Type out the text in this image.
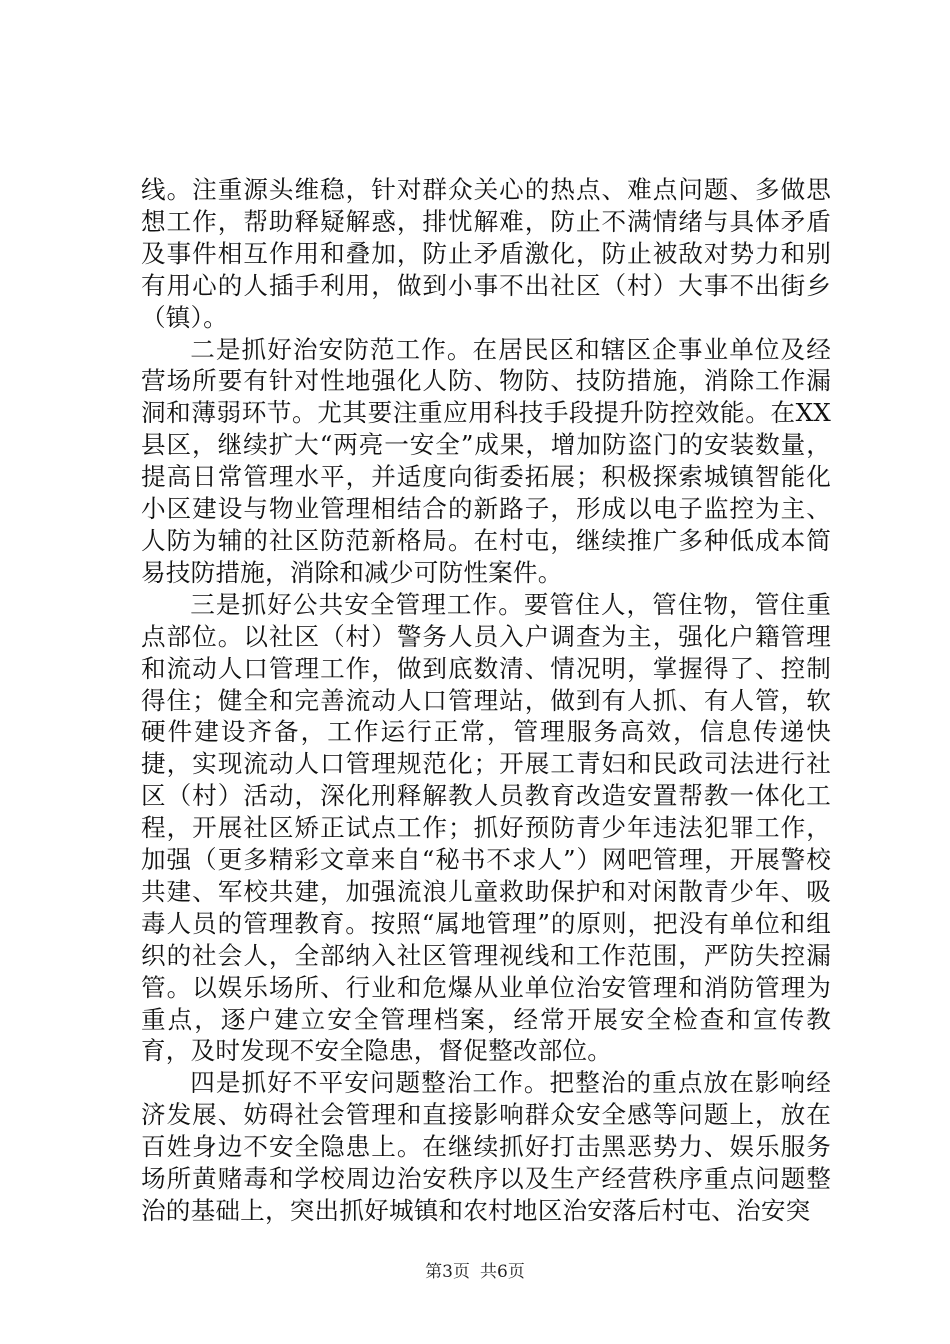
线。注重源头维稳，针对群众关心的热点、难点问题、多做思想工作，帮助释疑解惑，排忧解难，防止不满情绪与具体矛盾及事件相互作用和叠加，防止矛盾激化，防止被敌对势力和别有用心的人插手利用，做到小事不出社区（村）大事不出街乡（镇）。

二是抓好治安防范工作。在居民区和辖区企事业单位及经营场所要有针对性地强化人防、物防、技防措施，消除工作漏洞和薄弱环节。尤其要注重应用科技手段提升防控效能。在XX县区，继续扩大“两亮一安全”成果，增加防盗门的安装数量，提高日常管理水平，并适度向街委拓展；积极探索城镇智能化小区建设与物业管理相结合的新路子，形成以电子监控为主、人防为辅的社区防范新格局。在村屯，继续推广多种低成本简易技防措施，消除和减少可防性案件。

三是抓好公共安全管理工作。要管住人，管住物，管住重点部位。以社区（村）警务人员入户调查为主，强化户籍管理和流动人口管理工作，做到底数清、情况明，掌握得了、控制得住；健全和完善流动人口管理站，做到有人抓、有人管，软硬件建设齐备，工作运行正常，管理服务高效，信息传递快捷，实现流动人口管理规范化；开展工青妇和民政司法进行社区（村）活动，深化刑释解教人员教育改造安置帮教一体化工程，开展社区矫正试点工作；抓好预防青少年违法犯罪工作，加强（更多精彩文章来自“秘书不求人”）网吧管理，开展警校共建、军校共建，加强流浪儿童救助保护和对闲散青少年、吸毒人员的管理教育。按照“属地管理”的原则，把没有单位和组织的社会人，全部纳入社区管理视线和工作范围，严防失控漏管。以娱乐场所、行业和危爆从业单位治安管理和消防管理为重点，逐户建立安全管理档案，经常开展安全检查和宣传教育，及时发现不安全隐患，督促整改部位。

四是抓好不平安问题整治工作。把整治的重点放在影响经济发展、妨碍社会管理和直接影响群众安全感等问题上，放在百姓身边不安全隐患上。在继续抓好打击黑恶势力、娱乐服务场所黄赌毒和学校周边治安秩序以及生产经营秩序重点问题整治的基础上，突出抓好城镇和农村地区治安落后村屯、治安突

第3页 共6页
